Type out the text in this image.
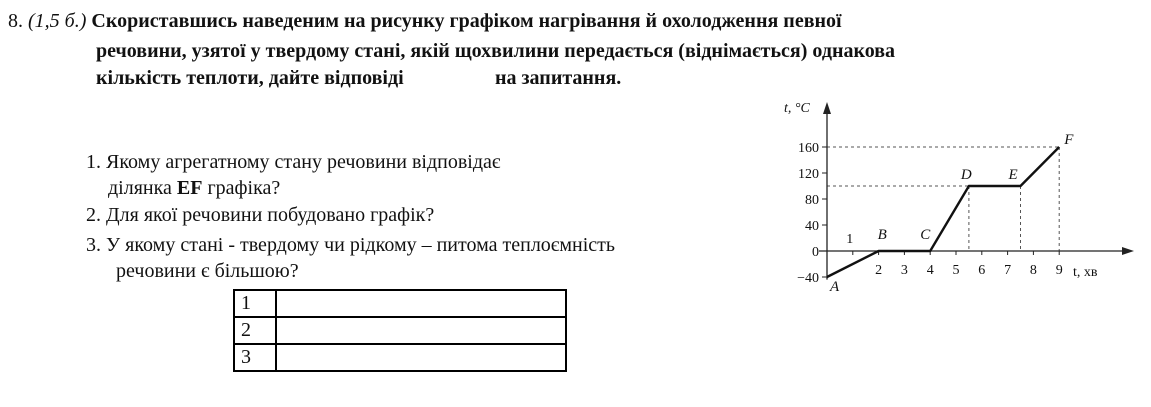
8. (1,5 б.) Скориставшись наведеним на рисунку графіком нагрівання й охолодження певної
речовини, узятої у твердому стані, якій щохвилини передається (віднімається) однакова
кількість теплоти, дайте відповіді	на запитання.
1. Якому агрегатному стану речовини відповідає
ділянка EF графіка?
2. Для якої речовини побудовано графік?
3. У якому стані - твердому чи рідкому – питома теплоємність
речовини є більшою?
1	
2	
3	
160
120
80
40
0
−40
1
2 3 4 5 6 7 8 9
A
B C
D E
F
t, °C
t, хв
